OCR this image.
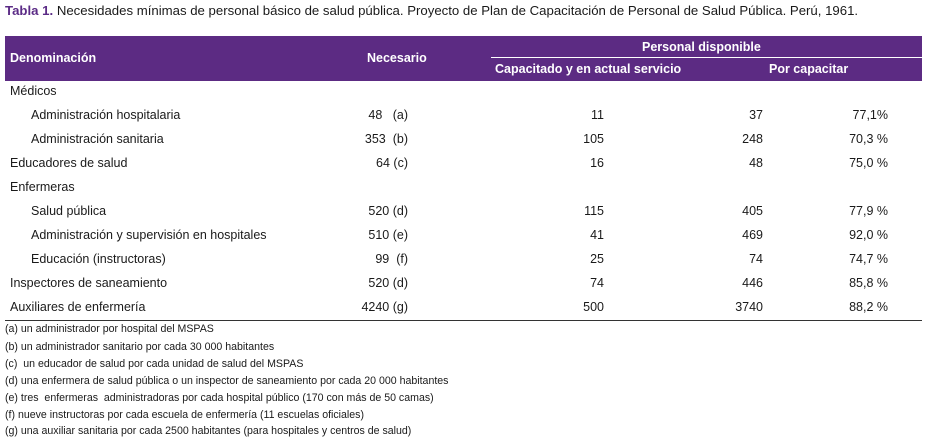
Tabla 1. Necesidades mínimas de personal básico de salud pública. Proyecto de Plan de Capacitación de Personal de Salud Pública. Perú, 1961.
Denominación	Necesario
Personal disponible
Capacitado y en actual servicio	Por capacitar
Médicos
Administración hospitalaria	48   (a)	11	37	77,1%
Administración sanitaria	353  (b)	105	248	70,3 %
Educadores de salud	64 (c)	16	48	75,0 %
Enfermeras
Salud pública	520 (d)	115	405	77,9 %
Administración y supervisión en hospitales	510 (e)	41	469	92,0 %
Educación (instructoras)	99  (f)	25	74	74,7 %
Inspectores de saneamiento	520 (d)	74	446	85,8 %
Auxiliares de enfermería	4240 (g)	500	3740	88,2 %
(a) un administrador por hospital del MSPAS
(b) un administrador sanitario por cada 30 000 habitantes
(c)  un educador de salud por cada unidad de salud del MSPAS
(d) una enfermera de salud pública o un inspector de saneamiento por cada 20 000 habitantes
(e) tres  enfermeras  administradoras por cada hospital público (170 con más de 50 camas)
(f) nueve instructoras por cada escuela de enfermería (11 escuelas oficiales)
(g) una auxiliar sanitaria por cada 2500 habitantes (para hospitales y centros de salud)
